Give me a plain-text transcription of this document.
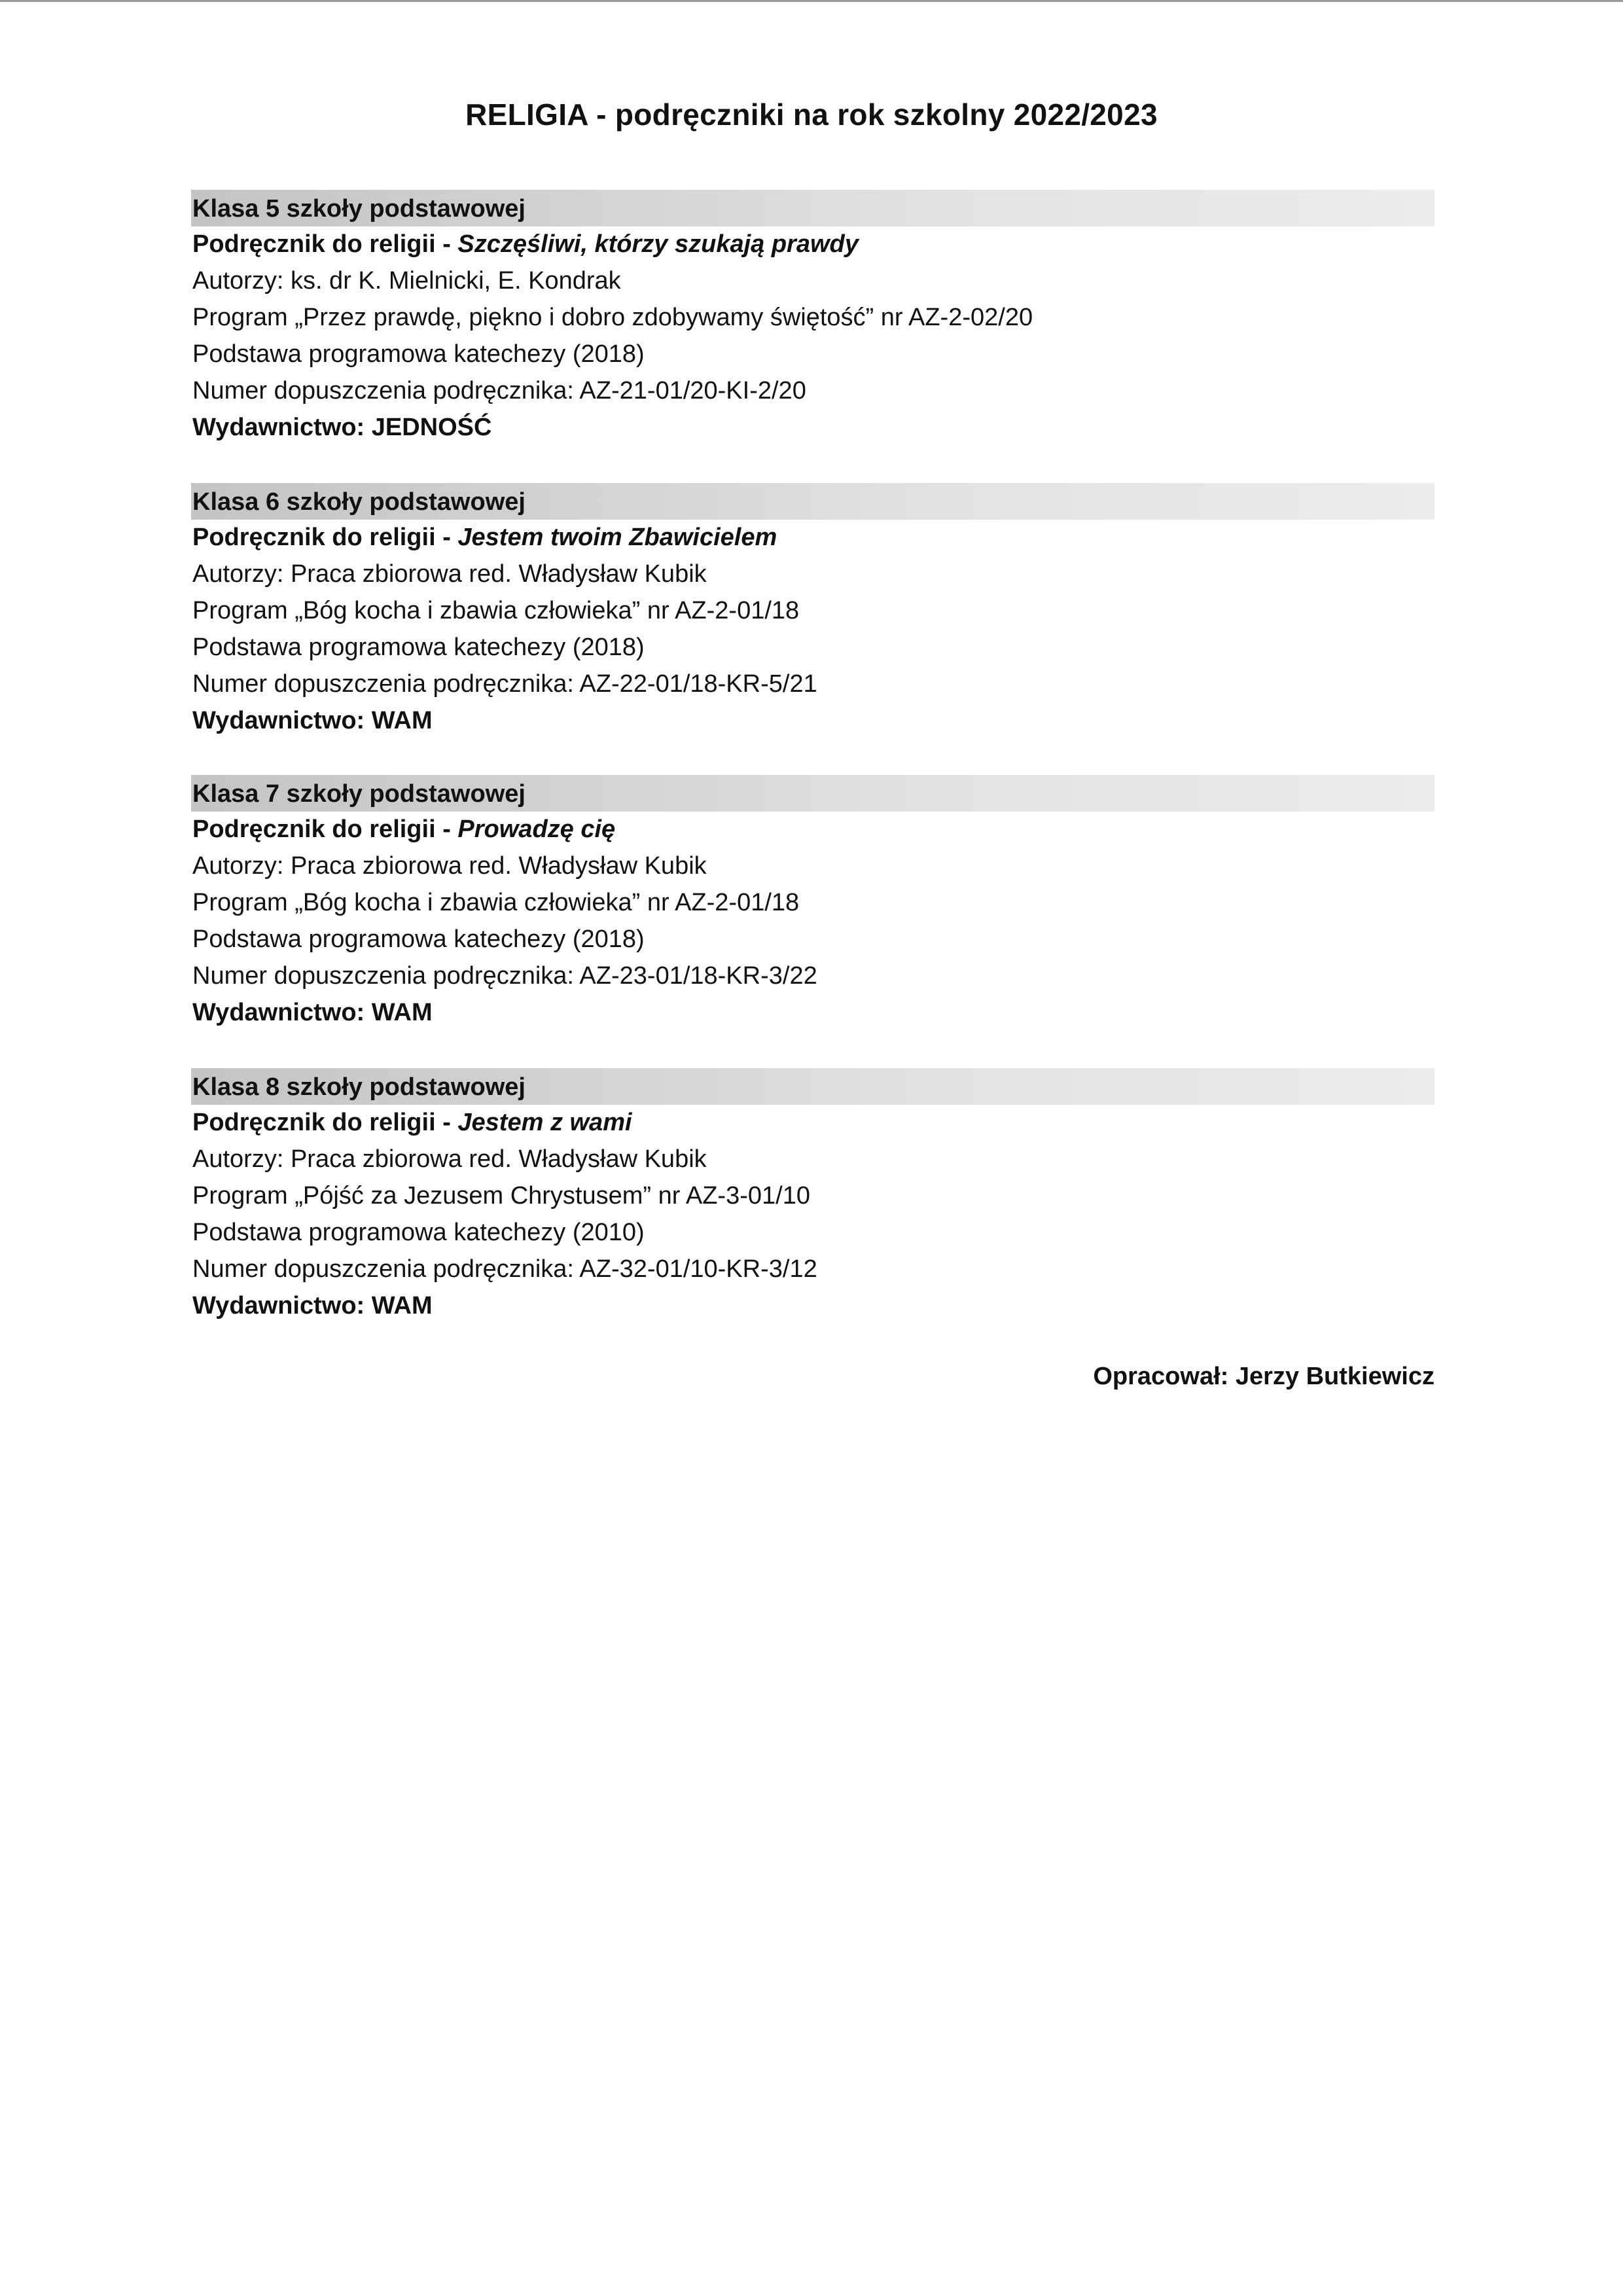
RELIGIA - podręczniki na rok szkolny 2022/2023
Klasa 5 szkoły podstawowej
Podręcznik do religii - Szczęśliwi, którzy szukają prawdy
Autorzy: ks. dr K. Mielnicki, E. Kondrak
Program „Przez prawdę, piękno i dobro zdobywamy świętość” nr AZ-2-02/20
Podstawa programowa katechezy (2018)
Numer dopuszczenia podręcznika: AZ-21-01/20-KI-2/20
Wydawnictwo: JEDNOŚĆ
Klasa 6 szkoły podstawowej
Podręcznik do religii - Jestem twoim Zbawicielem
Autorzy: Praca zbiorowa red. Władysław Kubik
Program „Bóg kocha i zbawia człowieka” nr AZ-2-01/18
Podstawa programowa katechezy (2018)
Numer dopuszczenia podręcznika: AZ-22-01/18-KR-5/21
Wydawnictwo: WAM
Klasa 7 szkoły podstawowej
Podręcznik do religii - Prowadzę cię
Autorzy: Praca zbiorowa red. Władysław Kubik
Program „Bóg kocha i zbawia człowieka” nr AZ-2-01/18
Podstawa programowa katechezy (2018)
Numer dopuszczenia podręcznika: AZ-23-01/18-KR-3/22
Wydawnictwo: WAM
Klasa 8 szkoły podstawowej
Podręcznik do religii - Jestem z wami
Autorzy: Praca zbiorowa red. Władysław Kubik
Program „Pójść za Jezusem Chrystusem” nr AZ-3-01/10
Podstawa programowa katechezy (2010)
Numer dopuszczenia podręcznika: AZ-32-01/10-KR-3/12
Wydawnictwo: WAM
Opracował: Jerzy Butkiewicz
